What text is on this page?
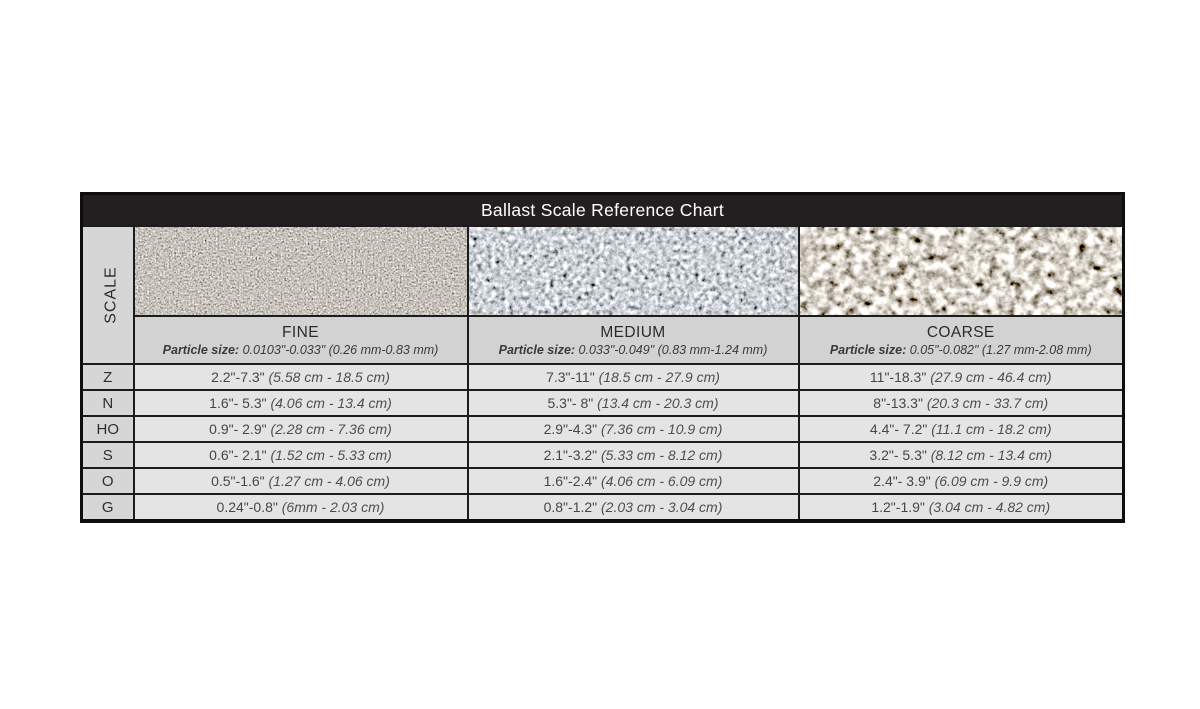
Ballast Scale Reference Chart			
SCALE	

FINE
Particle size: 0.0103"-0.033" (0.26 mm-0.83 mm)

MEDIUM
Particle size: 0.033"-0.049" (0.83 mm-1.24 mm)

COARSE
Particle size: 0.05"-0.082" (1.27 mm-2.08 mm)

Z	2.2"-7.3" (5.58 cm - 18.5 cm)	7.3"-11" (18.5 cm - 27.9 cm)	11"-18.3" (27.9 cm - 46.4 cm)
N	1.6"- 5.3" (4.06 cm - 13.4 cm)	5.3"- 8" (13.4 cm - 20.3 cm)	8"-13.3" (20.3 cm - 33.7 cm)
HO	0.9"- 2.9" (2.28 cm - 7.36 cm)	2.9"-4.3" (7.36 cm - 10.9 cm)	4.4"- 7.2" (11.1 cm - 18.2 cm)
S	0.6"- 2.1" (1.52 cm - 5.33 cm)	2.1"-3.2" (5.33 cm - 8.12 cm)	3.2"- 5.3" (8.12 cm - 13.4 cm)
O	0.5"-1.6" (1.27 cm - 4.06 cm)	1.6"-2.4" (4.06 cm - 6.09 cm)	2.4"- 3.9" (6.09 cm - 9.9 cm)
G	0.24"-0.8" (6mm - 2.03 cm)	0.8"-1.2" (2.03 cm - 3.04 cm)	1.2"-1.9" (3.04 cm - 4.82 cm)
